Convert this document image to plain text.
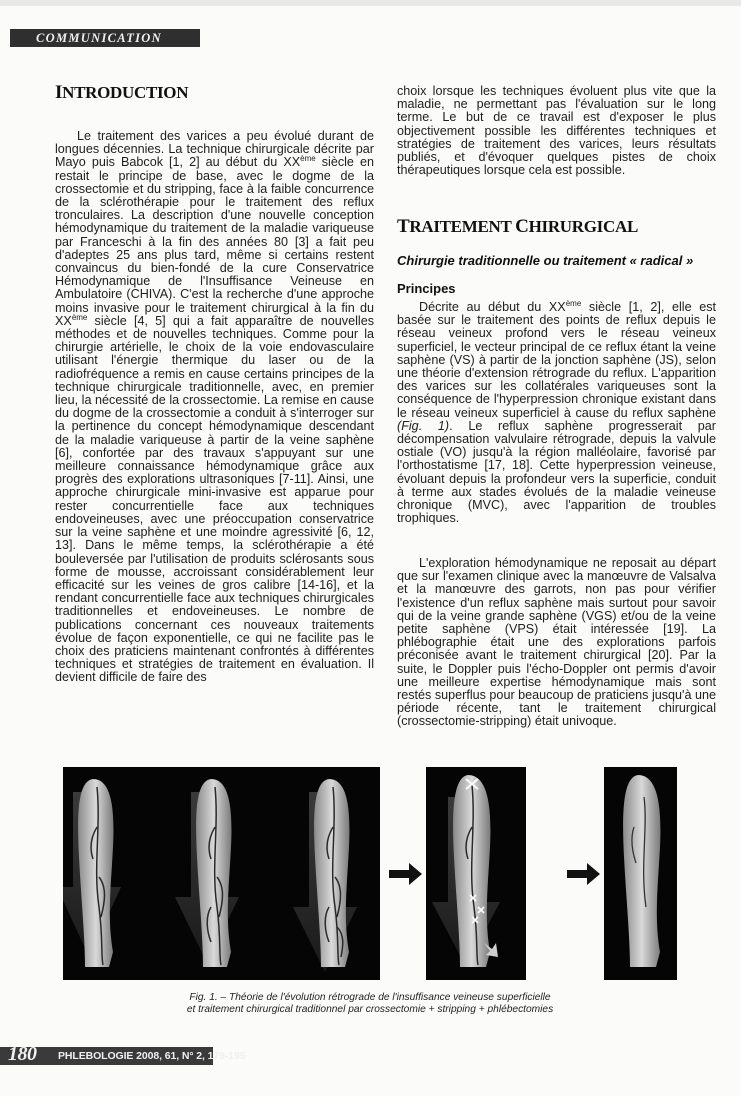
COMMUNICATION
INTRODUCTION

Le traitement des varices a peu évolué durant de longues décennies. La technique chirurgicale décrite par Mayo puis Babcok [1, 2] au début du XXème siècle en restait le principe de base, avec le dogme de la crossectomie et du stripping, face à la faible concurrence de la sclérothérapie pour le traitement des reflux tronculaires. La description d'une nouvelle conception hémodynamique du traitement de la maladie variqueuse par Franceschi à la fin des années 80 [3] a fait peu d'adeptes 25 ans plus tard, même si certains restent convaincus du bien-fondé de la cure Conservatrice Hémodynamique de l'Insuffisance Veineuse en Ambulatoire (CHIVA). C'est la recherche d'une approche moins invasive pour le traitement chirurgical à la fin du XXème siècle [4, 5] qui a fait apparaître de nouvelles méthodes et de nouvelles techniques. Comme pour la chirurgie artérielle, le choix de la voie endovasculaire utilisant l'énergie thermique du laser ou de la radiofréquence a remis en cause certains principes de la technique chirurgicale traditionnelle, avec, en premier lieu, la nécessité de la crossectomie. La remise en cause du dogme de la crossectomie a conduit à s'interroger sur la pertinence du concept hémodynamique descendant de la maladie variqueuse à partir de la veine saphène [6], confortée par des travaux s'appuyant sur une meilleure connaissance hémodynamique grâce aux progrès des explorations ultrasoniques [7-11]. Ainsi, une approche chirurgicale mini-invasive est apparue pour rester concurrentielle face aux techniques endoveineuses, avec une préoccupation conservatrice sur la veine saphène et une moindre agressivité [6, 12, 13]. Dans le même temps, la sclérothérapie a été bouleversée par l'utilisation de produits sclérosants sous forme de mousse, accroissant considérablement leur efficacité sur les veines de gros calibre [14-16], et la rendant concurrentielle face aux techniques chirurgicales traditionnelles et endoveineuses. Le nombre de publications concernant ces nouveaux traitements évolue de façon exponentielle, ce qui ne facilite pas le choix des praticiens maintenant confrontés à différentes techniques et stratégies de traitement en évaluation. Il devient difficile de faire des

choix lorsque les techniques évoluent plus vite que la maladie, ne permettant pas l'évaluation sur le long terme. Le but de ce travail est d'exposer le plus objectivement possible les différentes techniques et stratégies de traitement des varices, leurs résultats publiés, et d'évoquer quelques pistes de choix thérapeutiques lorsque cela est possible.

TRAITEMENT CHIRURGICAL

Chirurgie traditionnelle ou traitement « radical »

Principes

Décrite au début du XXème siècle [1, 2], elle est basée sur le traitement des points de reflux depuis le réseau veineux profond vers le réseau veineux superficiel, le vecteur principal de ce reflux étant la veine saphène (VS) à partir de la jonction saphène (JS), selon une théorie d'extension rétrograde du reflux. L'apparition des varices sur les collatérales variqueuses sont la conséquence de l'hyperpression chronique existant dans le réseau veineux superficiel à cause du reflux saphène (Fig. 1). Le reflux saphène progresserait par décompensation valvulaire rétrograde, depuis la valvule ostiale (VO) jusqu'à la région malléolaire, favorisé par l'orthostatisme [17, 18]. Cette hyperpression veineuse, évoluant depuis la profondeur vers la superficie, conduit à terme aux stades évolués de la maladie veineuse chronique (MVC), avec l'apparition de troubles trophiques.

L'exploration hémodynamique ne reposait au départ que sur l'examen clinique avec la manœuvre de Valsalva et la manœuvre des garrots, non pas pour vérifier l'existence d'un reflux saphène mais surtout pour savoir qui de la veine grande saphène (VGS) et/ou de la veine petite saphène (VPS) était intéressée [19]. La phlébographie était une des explorations parfois préconisée avant le traitement chirurgical [20]. Par la suite, le Doppler puis l'écho-Doppler ont permis d'avoir une meilleure expertise hémodynamique mais sont restés superflus pour beaucoup de praticiens jusqu'à une période récente, tant le traitement chirurgical (crossectomie-stripping) était univoque.

Fig. 1. – Théorie de l'évolution rétrograde de l'insuffisance veineuse superficielle
et traitement chirurgical traditionnel par crossectomie + stripping + phlébectomies
180 PHLEBOLOGIE 2008, 61, N° 2, 179-195
